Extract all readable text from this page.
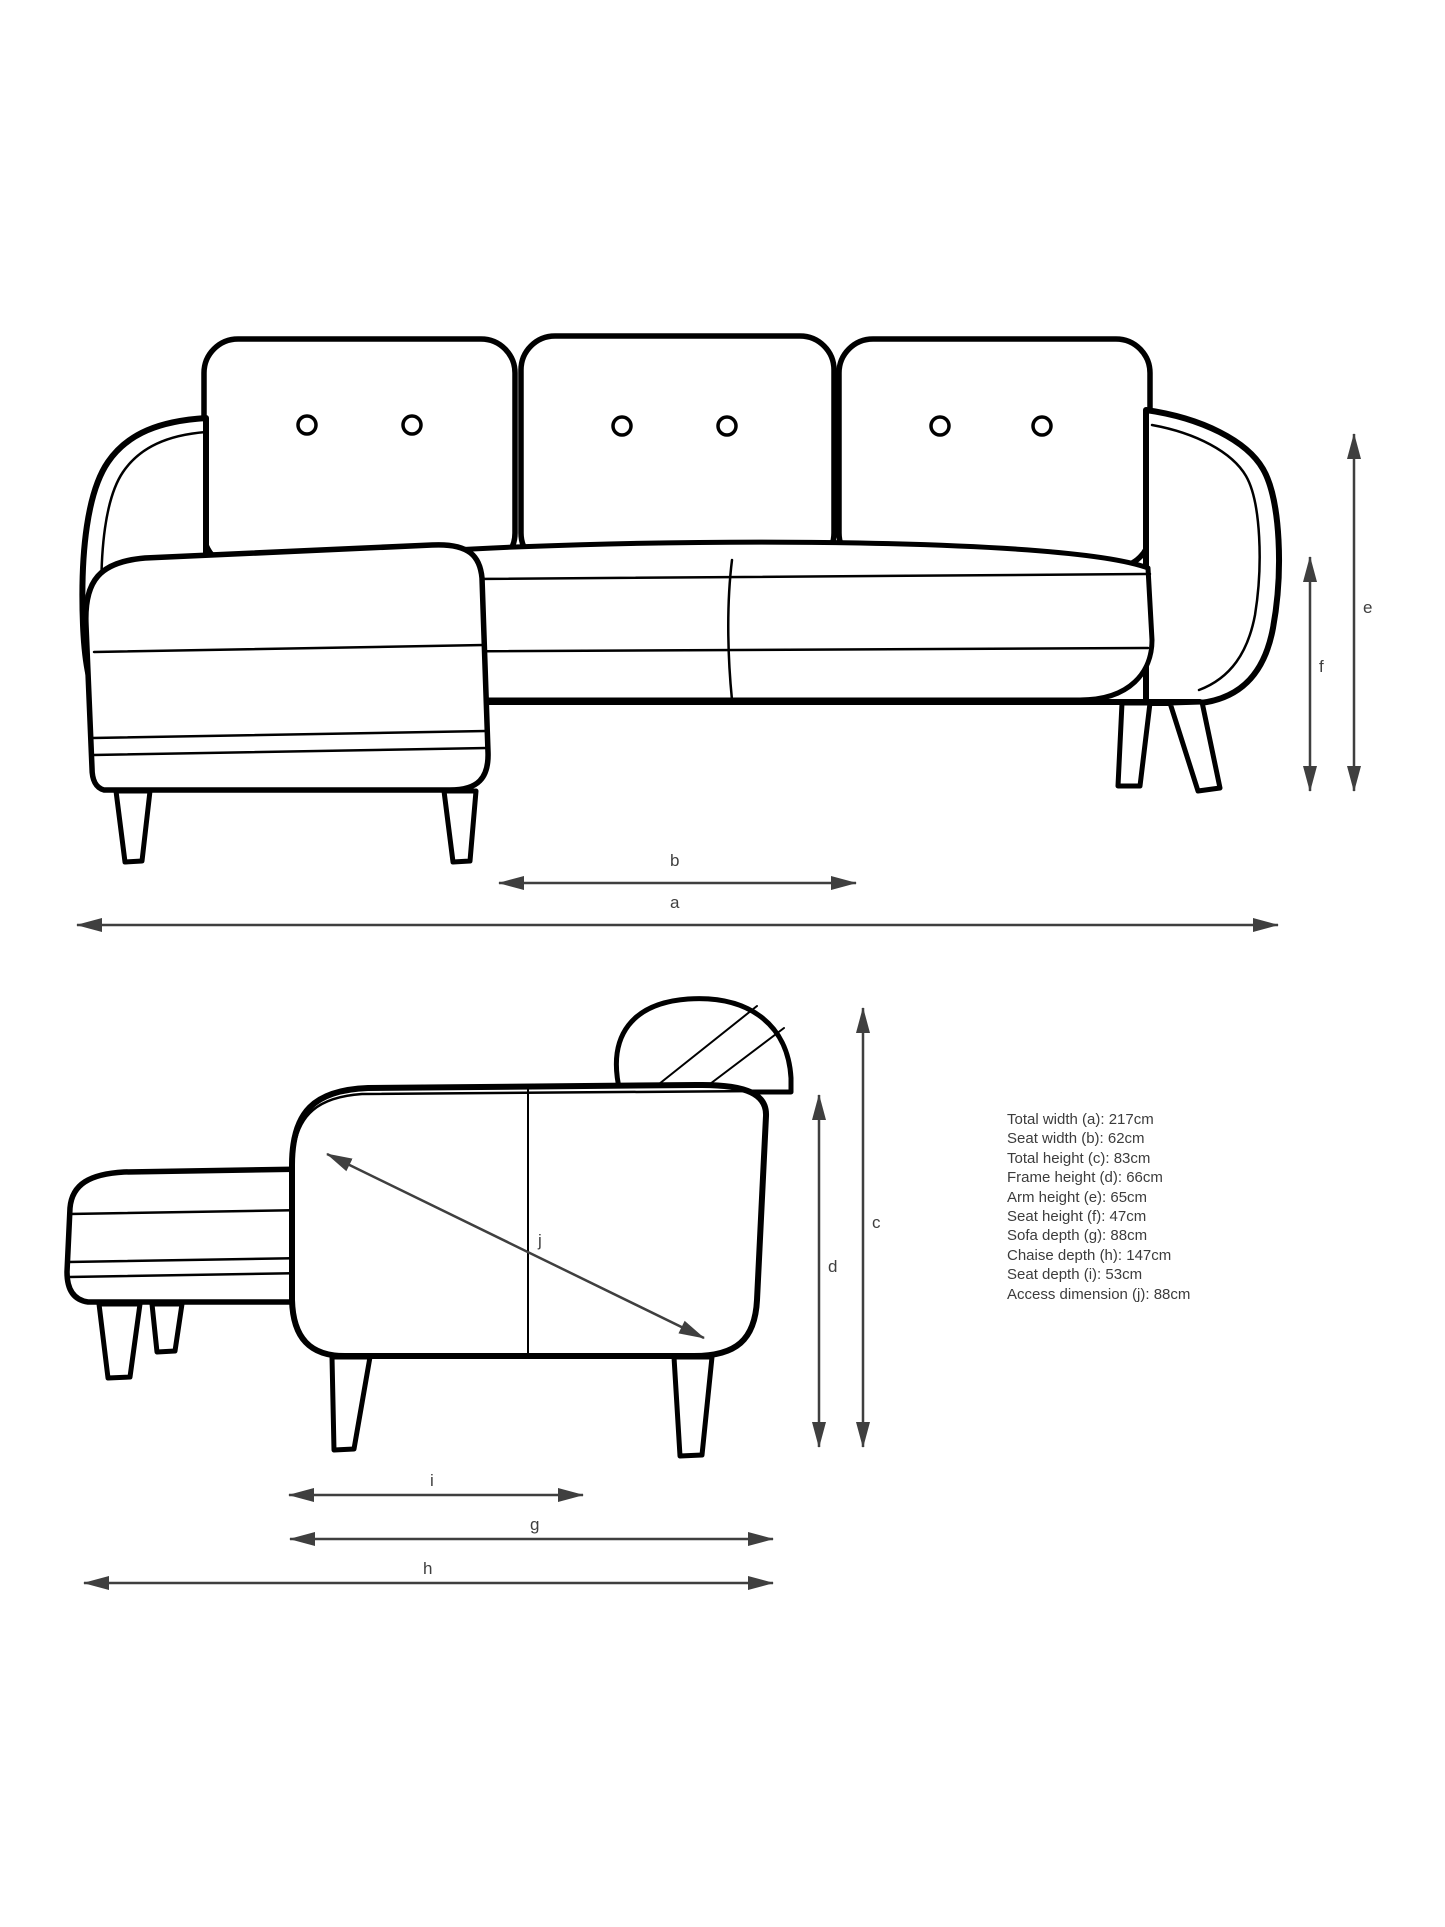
b
a
e
f
j
c
d
i
g
h
Total width (a): 217cm
Seat width (b): 62cm
Total height (c): 83cm
Frame height (d): 66cm
Arm height (e): 65cm
Seat height (f): 47cm
Sofa depth (g): 88cm
Chaise depth (h): 147cm
Seat depth (i): 53cm
Access dimension (j): 88cm
